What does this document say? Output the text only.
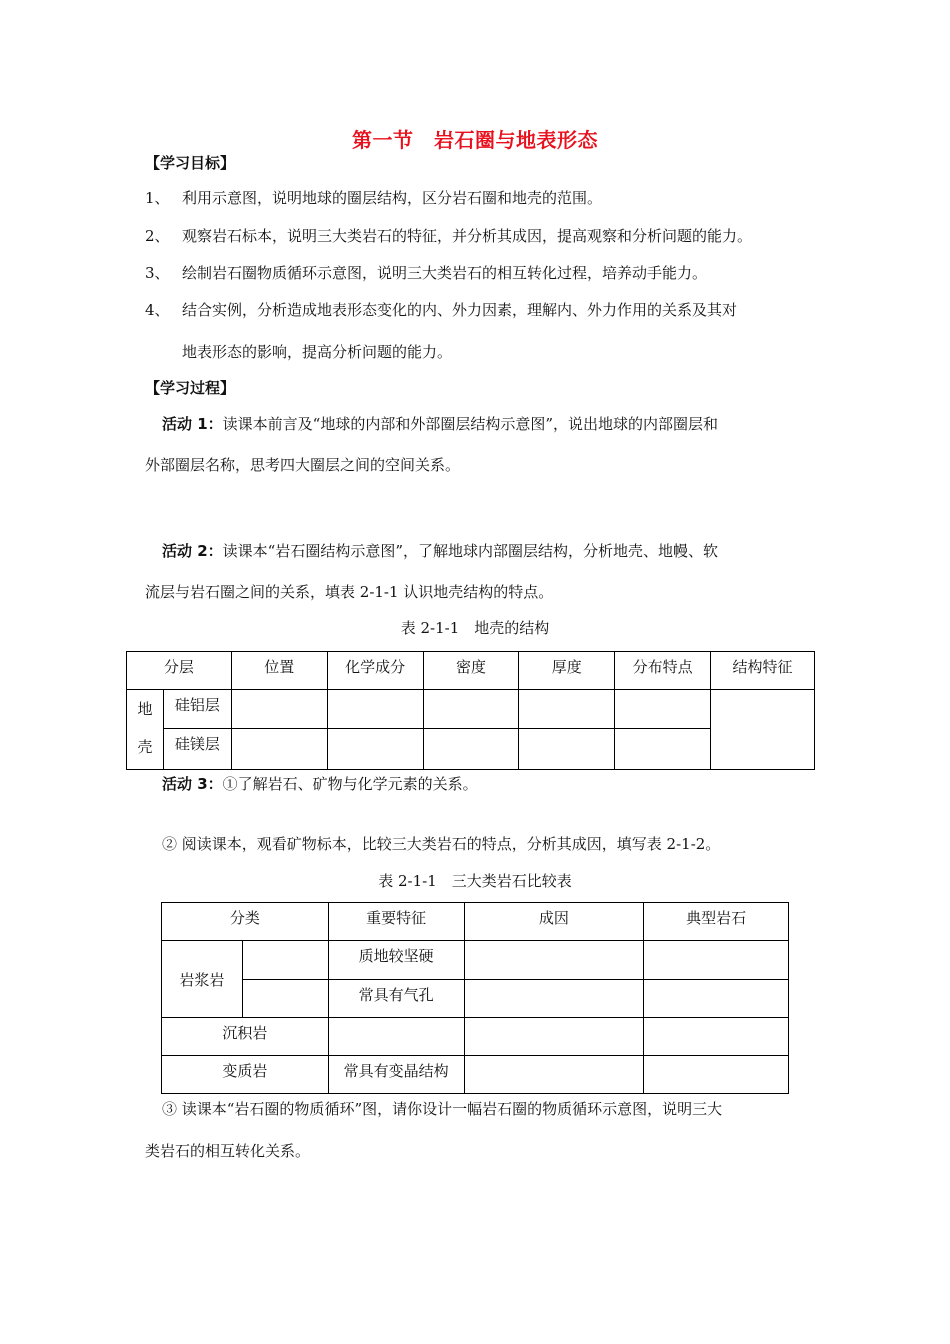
第一节　岩石圈与地表形态
【学习目标】
1、 利用示意图，说明地球的圈层结构，区分岩石圈和地壳的范围。
2、 观察岩石标本，说明三大类岩石的特征，并分析其成因，提高观察和分析问题的能力。
3、 绘制岩石圈物质循环示意图，说明三大类岩石的相互转化过程，培养动手能力。
4、 结合实例，分析造成地表形态变化的内、外力因素，理解内、外力作用的关系及其对
地表形态的影响，提高分析问题的能力。
【学习过程】
活动 1：读课本前言及“地球的内部和外部圈层结构示意图”，说出地球的内部圈层和
外部圈层名称，思考四大圈层之间的空间关系。
活动 2：读课本“岩石圈结构示意图”，了解地球内部圈层结构，分析地壳、地幔、软
流层与岩石圈之间的关系，填表 2-1-1 认识地壳结构的特点。
表 2-1-1　地壳的结构
分层		位置	化学成分	密度	厚度	分布特点	结构特征

地
壳	硅铝层						
	硅镁层						
活动 3：①了解岩石、矿物与化学元素的关系。
② 阅读课本，观看矿物标本，比较三大类岩石的特点，分析其成因，填写表 2-1-2。
表 2-1-1　三大类岩石比较表
分类		重要特征	成因	典型岩石
岩浆岩		质地较坚硬		
		常具有气孔		
沉积岩				
变质岩		常具有变晶结构		
③ 读课本“岩石圈的物质循环”图，请你设计一幅岩石圈的物质循环示意图，说明三大
类岩石的相互转化关系。
